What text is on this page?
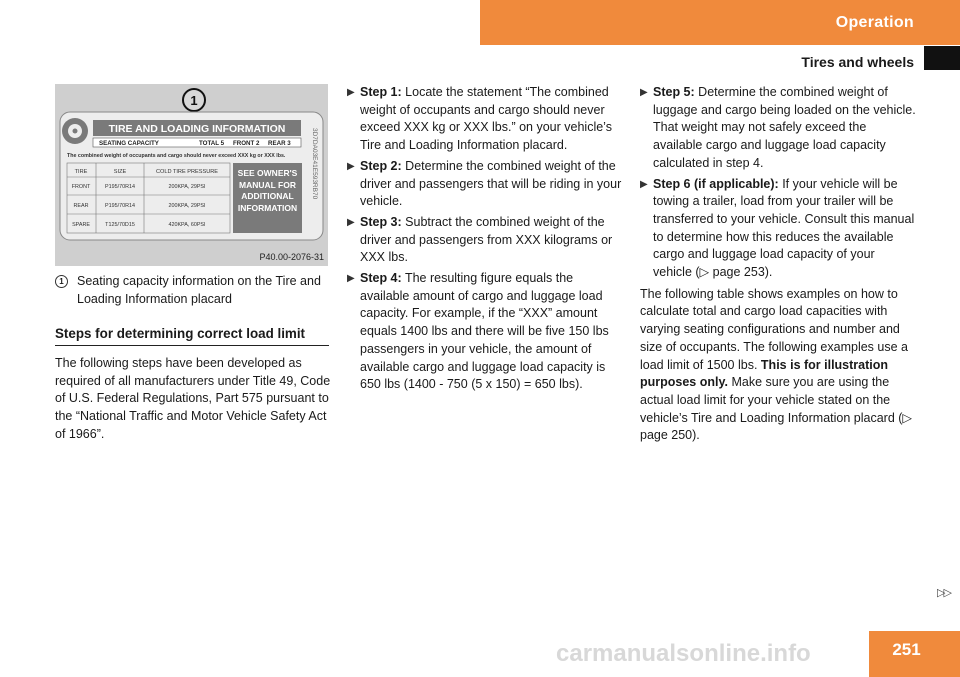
Operation
Tires and wheels
1
TIRE AND LOADING INFORMATION
SEATING CAPACITY	TOTAL 5 FRONT 2 REAR 3
The combined weight of occupants and cargo should never exceed XXX kg or XXX lbs.
TIRE	SIZE	COLD TIRE PRESSURE
FRONT	P195/70R14	200KPA, 29PSI
REAR	P195/70R14	200KPA, 29PSI
SPARE	T125/70D15	420KPA, 60PSI
SEE OWNER'S MANUAL FOR ADDITIONAL INFORMATION
3D7DA03E41E593RB70
P40.00-2076-31
1	Seating capacity information on the Tire and Loading Information placard
Steps for determining correct load limit

The following steps have been developed as required of all manufacturers under Title 49, Code of U.S. Federal Regulations, Part 575 pursuant to the “National Traffic and Motor Vehicle Safety Act of 1966”.

▶ Step 1: Locate the statement “The combined weight of occupants and cargo should never exceed XXX kg or XXX lbs.” on your vehicle’s Tire and Loading Information placard.
▶ Step 2: Determine the combined weight of the driver and passengers that will be riding in your vehicle.
▶ Step 3: Subtract the combined weight of the driver and passengers from XXX kilograms or XXX lbs.
▶ Step 4: The resulting figure equals the available amount of cargo and luggage load capacity. For example, if the “XXX” amount equals 1400 lbs and there will be five 150 lbs passengers in your vehicle, the amount of available cargo and luggage load capacity is 650 lbs (1400 - 750 (5 x 150) = 650 lbs).
▶ Step 5: Determine the combined weight of luggage and cargo being loaded on the vehicle. That weight may not safely exceed the available cargo and luggage load capacity calculated in step 4.
▶ Step 6 (if applicable): If your vehicle will be towing a trailer, load from your trailer will be transferred to your vehicle. Consult this manual to determine how this reduces the available cargo and luggage load capacity of your vehicle (▷ page 253).

The following table shows examples on how to calculate total and cargo load capacities with varying seating configurations and number and size of occupants. The following examples use a load limit of 1500 lbs. This is for illustration purposes only. Make sure you are using the actual load limit for your vehicle stated on the vehicle’s Tire and Loading Information placard (▷ page 250).

▷▷
carmanualsonline.info	251
